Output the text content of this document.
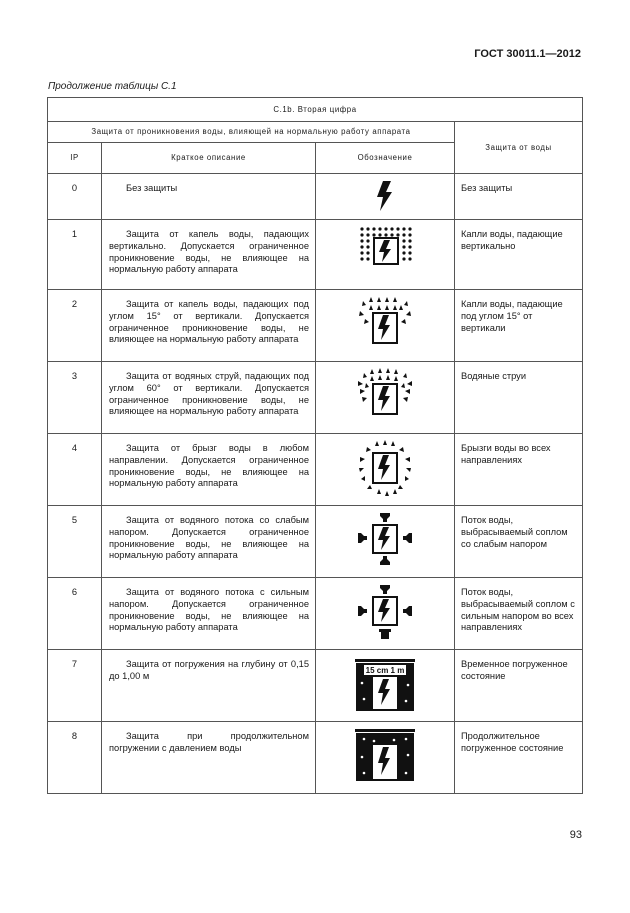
ГОСТ 30011.1—2012
Продолжение таблицы С.1
С.1b. Вторая цифра			
Защита от проникновения воды, влияющей на нормальную работу аппарата			Защита от воды
IP	Краткое описание	Обозначение	
0	Без защиты		Без защиты
1	Защита от капель воды, падающих вертикально. Допускается ограниченное проникновение воды, не влияющее на нормальную работу аппарата		Капли воды, падающие вертикально
2	Защита от капель воды, падающих под углом 15° от вертикали. Допускается ограниченное проникновение воды, не влияющее на нормальную работу аппарата		Капли воды, падающие под углом 15° от вертикали
3	Защита от водяных струй, падающих под углом 60° от вертикали. Допускается ограниченное проникновение воды, не влияющее на нормальную работу аппарата		Водяные струи
4	Защита от брызг воды в любом направлении. Допускается ограниченное проникновение воды, не влияющее на нормальную работу аппарата		Брызги воды во всех направлениях
5	Защита от водяного потока со слабым напором. Допускается ограниченное проникновение воды, не влияющее на нормальную работу аппарата		Поток воды, выбрасываемый соплом со слабым напором
6	Защита от водяного потока с сильным напором. Допускается ограниченное проникновение воды, не влияющее на нормальную работу аппарата		Поток воды, выбрасываемый соплом с сильным напором во всех направлениях
7	Защита от погружения на глубину от 0,15 до 1,00 м	15 cm 1 m	Временное погруженное состояние
8	Защита при продолжительном погружении с давлением воды		Продолжительное погруженное состояние
93
